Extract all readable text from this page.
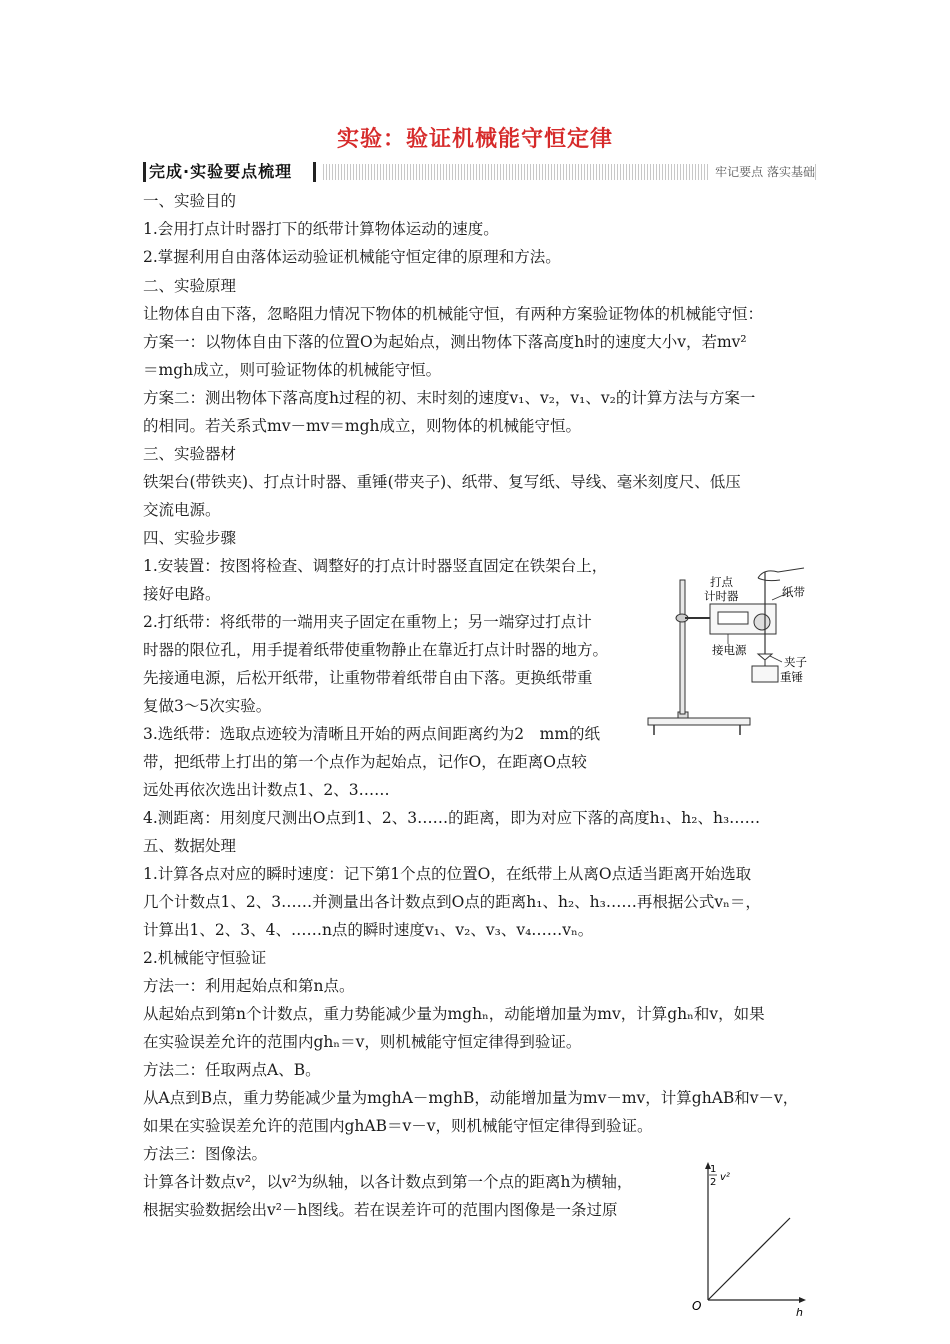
实验：验证机械能守恒定律
完成·实验要点梳理	牢记要点 落实基础
一、实验目的
1.会用打点计时器打下的纸带计算物体运动的速度。
2.掌握利用自由落体运动验证机械能守恒定律的原理和方法。
二、实验原理
让物体自由下落，忽略阻力情况下物体的机械能守恒，有两种方案验证物体的机械能守恒：
方案一：以物体自由下落的位置O为起始点，测出物体下落高度h时的速度大小v，若mv²
＝mgh成立，则可验证物体的机械能守恒。
方案二：测出物体下落高度h过程的初、末时刻的速度v₁、v₂，v₁、v₂的计算方法与方案一
的相同。若关系式mv－mv＝mgh成立，则物体的机械能守恒。
三、实验器材
铁架台(带铁夹)、打点计时器、重锤(带夹子)、纸带、复写纸、导线、毫米刻度尺、低压
交流电源。
四、实验步骤
1.安装置：按图将检查、调整好的打点计时器竖直固定在铁架台上，
接好电路。
2.打纸带：将纸带的一端用夹子固定在重物上；另一端穿过打点计
时器的限位孔，用手提着纸带使重物静止在靠近打点计时器的地方。
先接通电源，后松开纸带，让重物带着纸带自由下落。更换纸带重
复做3～5次实验。
3.选纸带：选取点迹较为清晰且开始的两点间距离约为2　mm的纸
带，把纸带上打出的第一个点作为起始点，记作O，在距离O点较
远处再依次选出计数点1、2、3……
4.测距离：用刻度尺测出O点到1、2、3……的距离，即为对应下落的高度h₁、h₂、h₃……
五、数据处理
1.计算各点对应的瞬时速度：记下第1个点的位置O，在纸带上从离O点适当距离开始选取
几个计数点1、2、3……并测量出各计数点到O点的距离h₁、h₂、h₃……再根据公式vₙ＝，
计算出1、2、3、4、……n点的瞬时速度v₁、v₂、v₃、v₄……vₙ。
2.机械能守恒验证
方法一：利用起始点和第n点。
从起始点到第n个计数点，重力势能减少量为mghₙ，动能增加量为mv，计算ghₙ和v，如果
在实验误差允许的范围内ghₙ＝v，则机械能守恒定律得到验证。
方法二：任取两点A、B。
从A点到B点，重力势能减少量为mghA－mghB，动能增加量为mv－mv，计算ghAB和v－v，
如果在实验误差允许的范围内ghAB＝v－v，则机械能守恒定律得到验证。
方法三：图像法。
计算各计数点v²，以v²为纵轴，以各计数点到第一个点的距离h为横轴，
根据实验数据绘出v²－h图线。若在误差许可的范围内图像是一条过原
打点
计时器	纸带
接电源
夹子
重锤
1
2 v²
O	h
